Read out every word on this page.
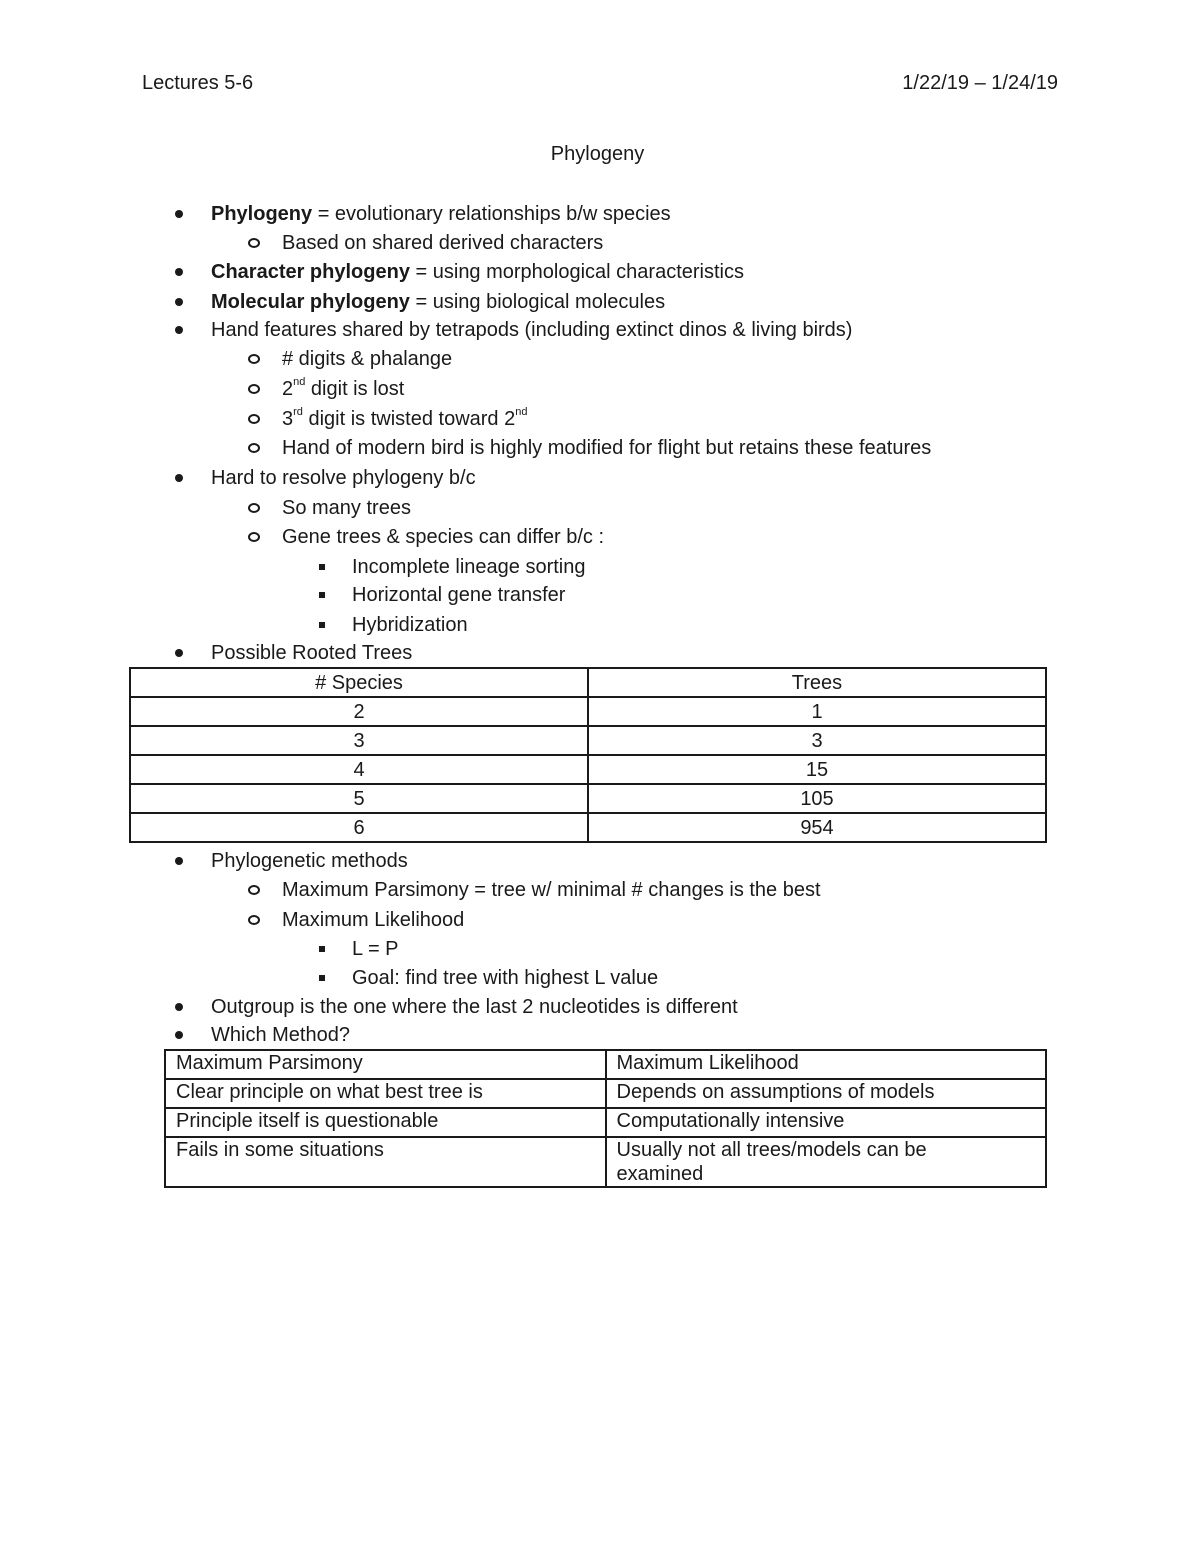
Lectures 5-6	1/22/19 – 1/24/19
Phylogeny
Phylogeny = evolutionary relationships b/w species
Based on shared derived characters
Character phylogeny = using morphological characteristics
Molecular phylogeny = using biological molecules
Hand features shared by tetrapods (including extinct dinos & living birds)
# digits & phalange
2nd digit is lost
3rd digit is twisted toward 2nd
Hand of modern bird is highly modified for flight but retains these features
Hard to resolve phylogeny b/c
So many trees
Gene trees & species can differ b/c :
Incomplete lineage sorting
Horizontal gene transfer
Hybridization
Possible Rooted Trees
# Species	Trees
2	1
3	3
4	15
5	105
6	954
Phylogenetic methods
Maximum Parsimony = tree w/ minimal # changes is the best
Maximum Likelihood
L = P
Goal: find tree with highest L value
Outgroup is the one where the last 2 nucleotides is different
Which Method?
Maximum Parsimony	Maximum Likelihood
Clear principle on what best tree is	Depends on assumptions of models
Principle itself is questionable	Computationally intensive
Fails in some situations	Usually not all trees/models can be examined
